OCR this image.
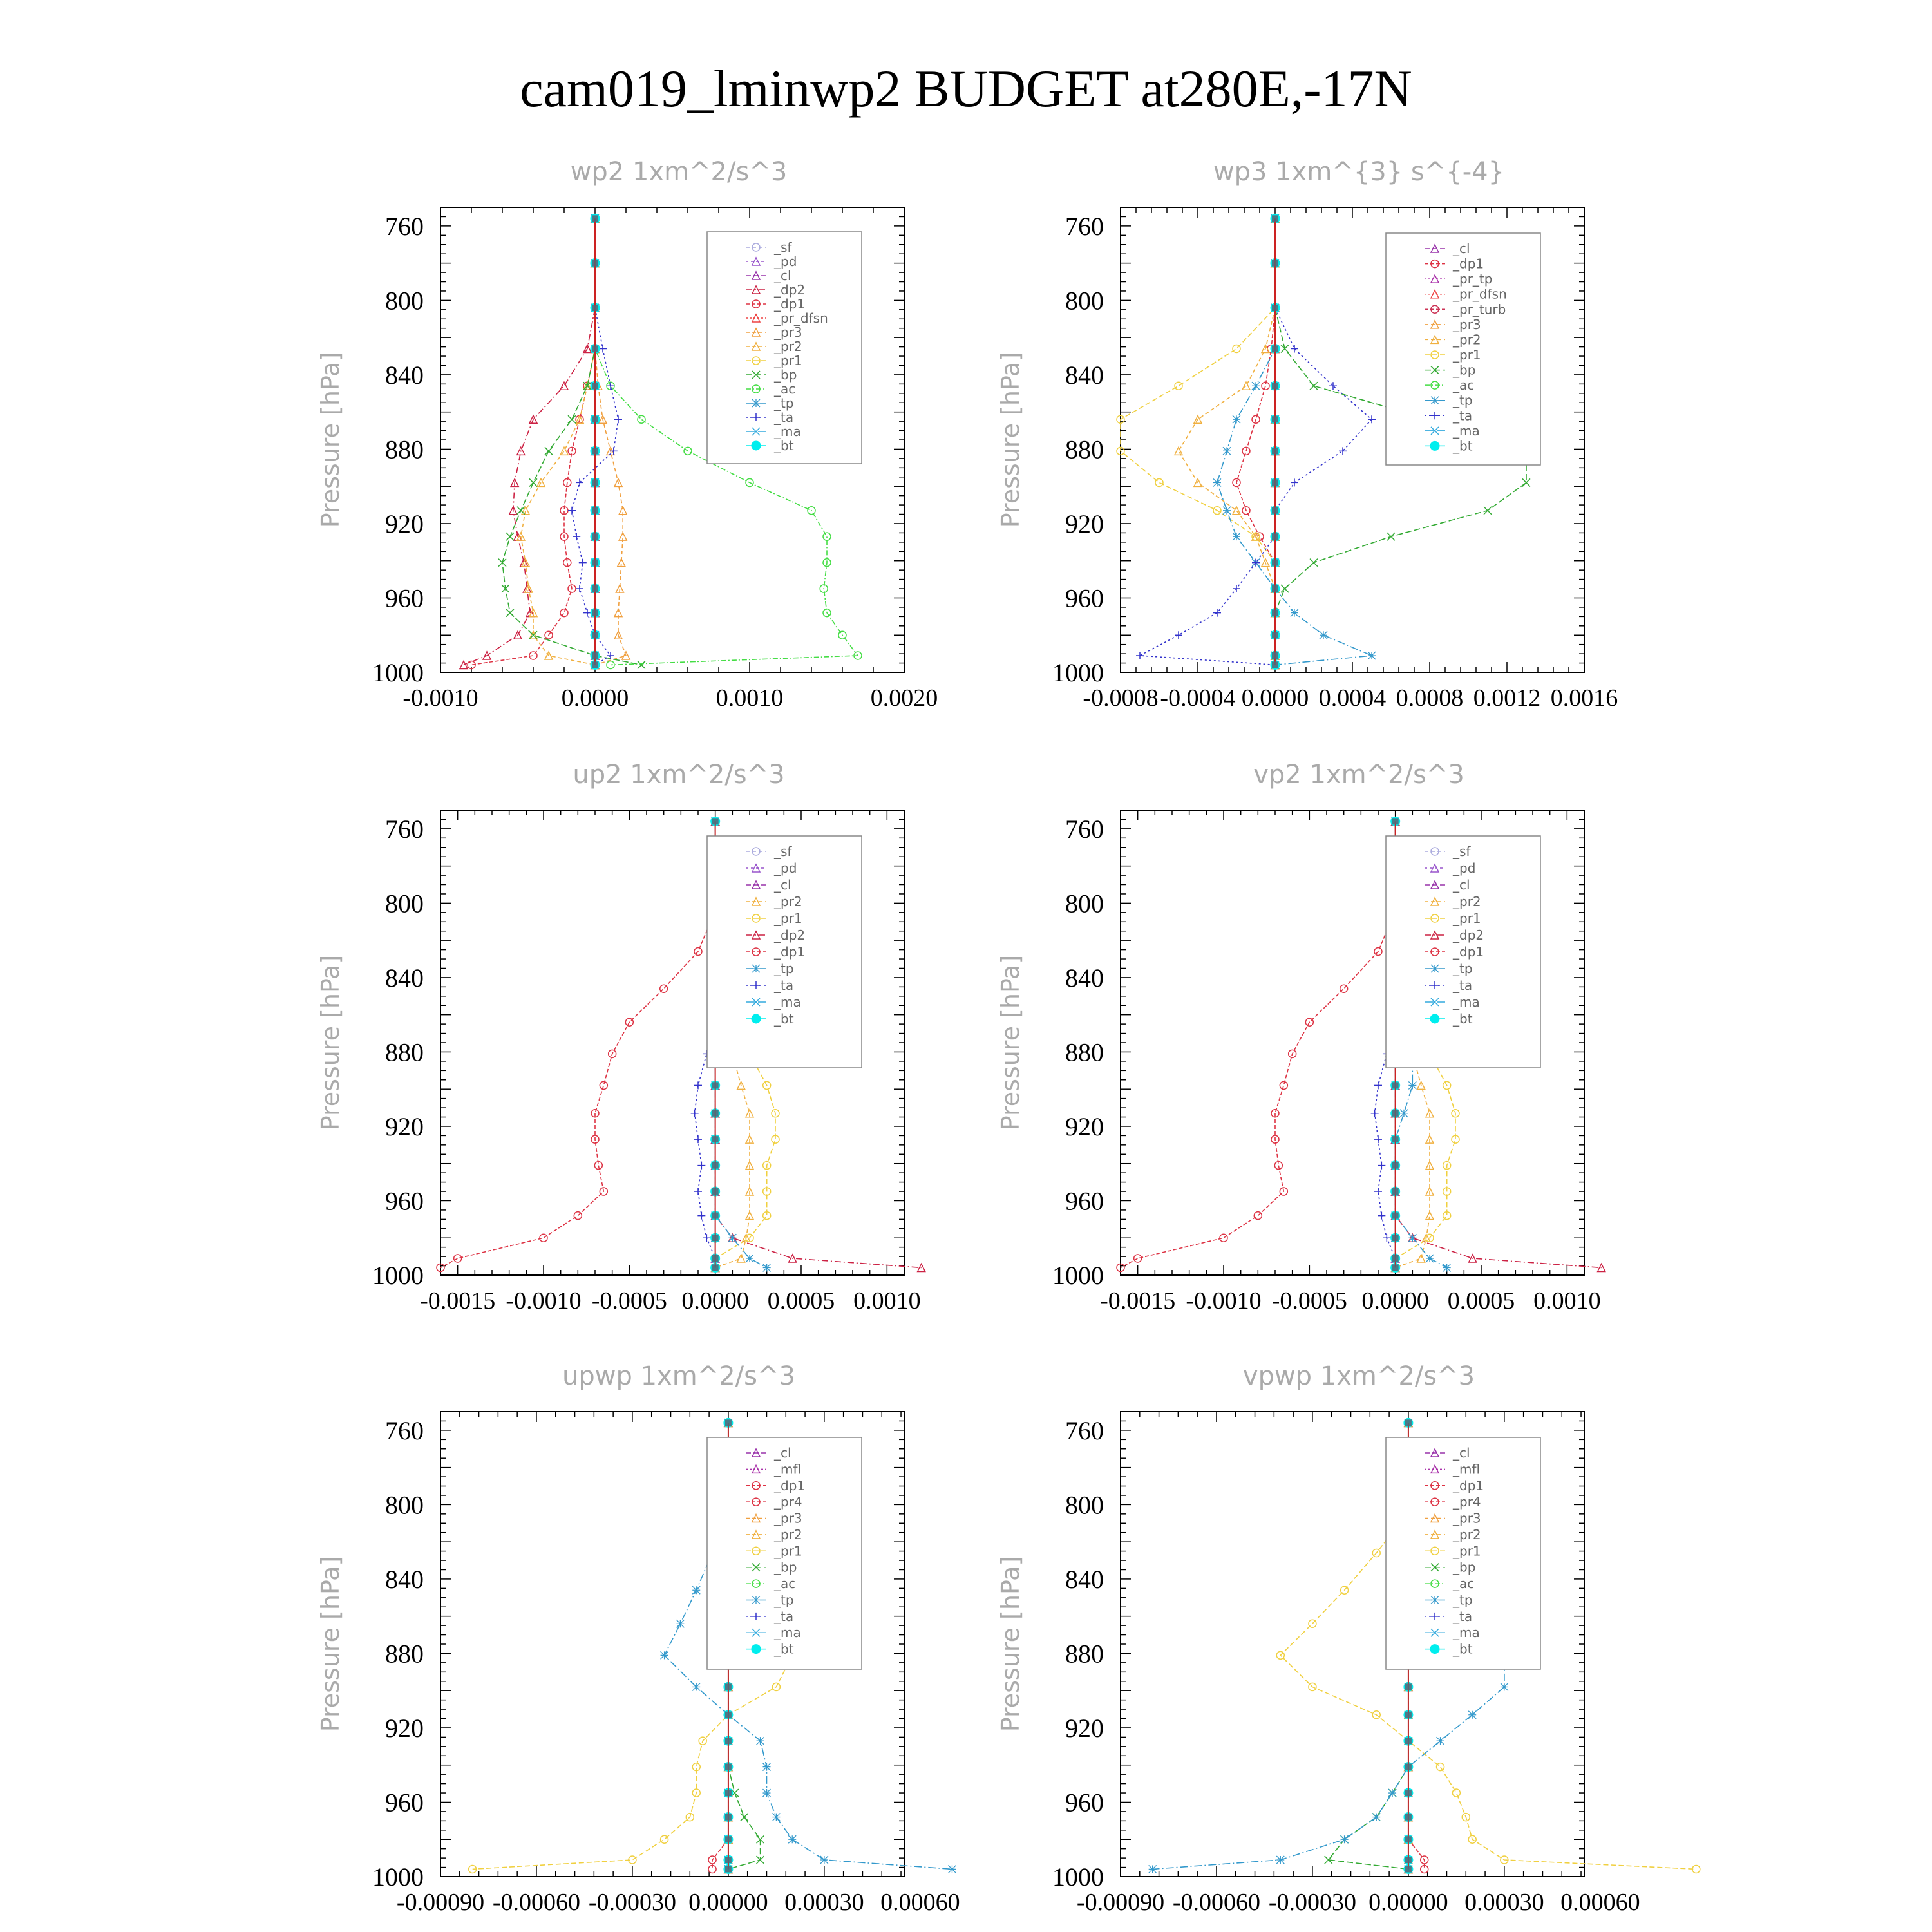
cam019_lminwp2 BUDGET at280E,-17N
wp2 1xm^2/s^3
760
800
840
880
920
960
1000
Pressure [hPa]
-0.0010	0.0000	0.0010	0.0020
_sf
_pd
_cl
_dp2
_dp1
_pr_dfsn
_pr3
_pr2
_pr1
_bp
_ac
_tp
_ta
_ma
_bt
wp3 1xm^{3} s^{-4}
760
800
840
880
920
960
1000
Pressure [hPa]
-0.0008 -0.0004 0.0000 0.0004 0.0008 0.0012 0.0016
_cl
_dp1
_pr_tp
_pr_dfsn
_pr_turb
_pr3
_pr2
_pr1
_bp
_ac
_tp
_ta
_ma
_bt
up2 1xm^2/s^3
760
800
840
880
920
960
1000
Pressure [hPa]
-0.0015 -0.0010 -0.0005 0.0000 0.0005 0.0010
_sf
_pd
_cl
_pr2
_pr1
_dp2
_dp1
_tp
_ta
_ma
_bt
vp2 1xm^2/s^3
760
800
840
880
920
960
1000
Pressure [hPa]
-0.0015 -0.0010 -0.0005 0.0000 0.0005 0.0010
_sf
_pd
_cl
_pr2
_pr1
_dp2
_dp1
_tp
_ta
_ma
_bt
upwp 1xm^2/s^3
760
800
840
880
920
960
1000
Pressure [hPa]
-0.00090 -0.00060 -0.00030 0.00000 0.00030 0.00060
_cl
_mfl
_dp1
_pr4
_pr3
_pr2
_pr1
_bp
_ac
_tp
_ta
_ma
_bt
vpwp 1xm^2/s^3
760
800
840
880
920
960
1000
Pressure [hPa]
-0.00090 -0.00060 -0.00030 0.00000 0.00030 0.00060
_cl
_mfl
_dp1
_pr4
_pr3
_pr2
_pr1
_bp
_ac
_tp
_ta
_ma
_bt
